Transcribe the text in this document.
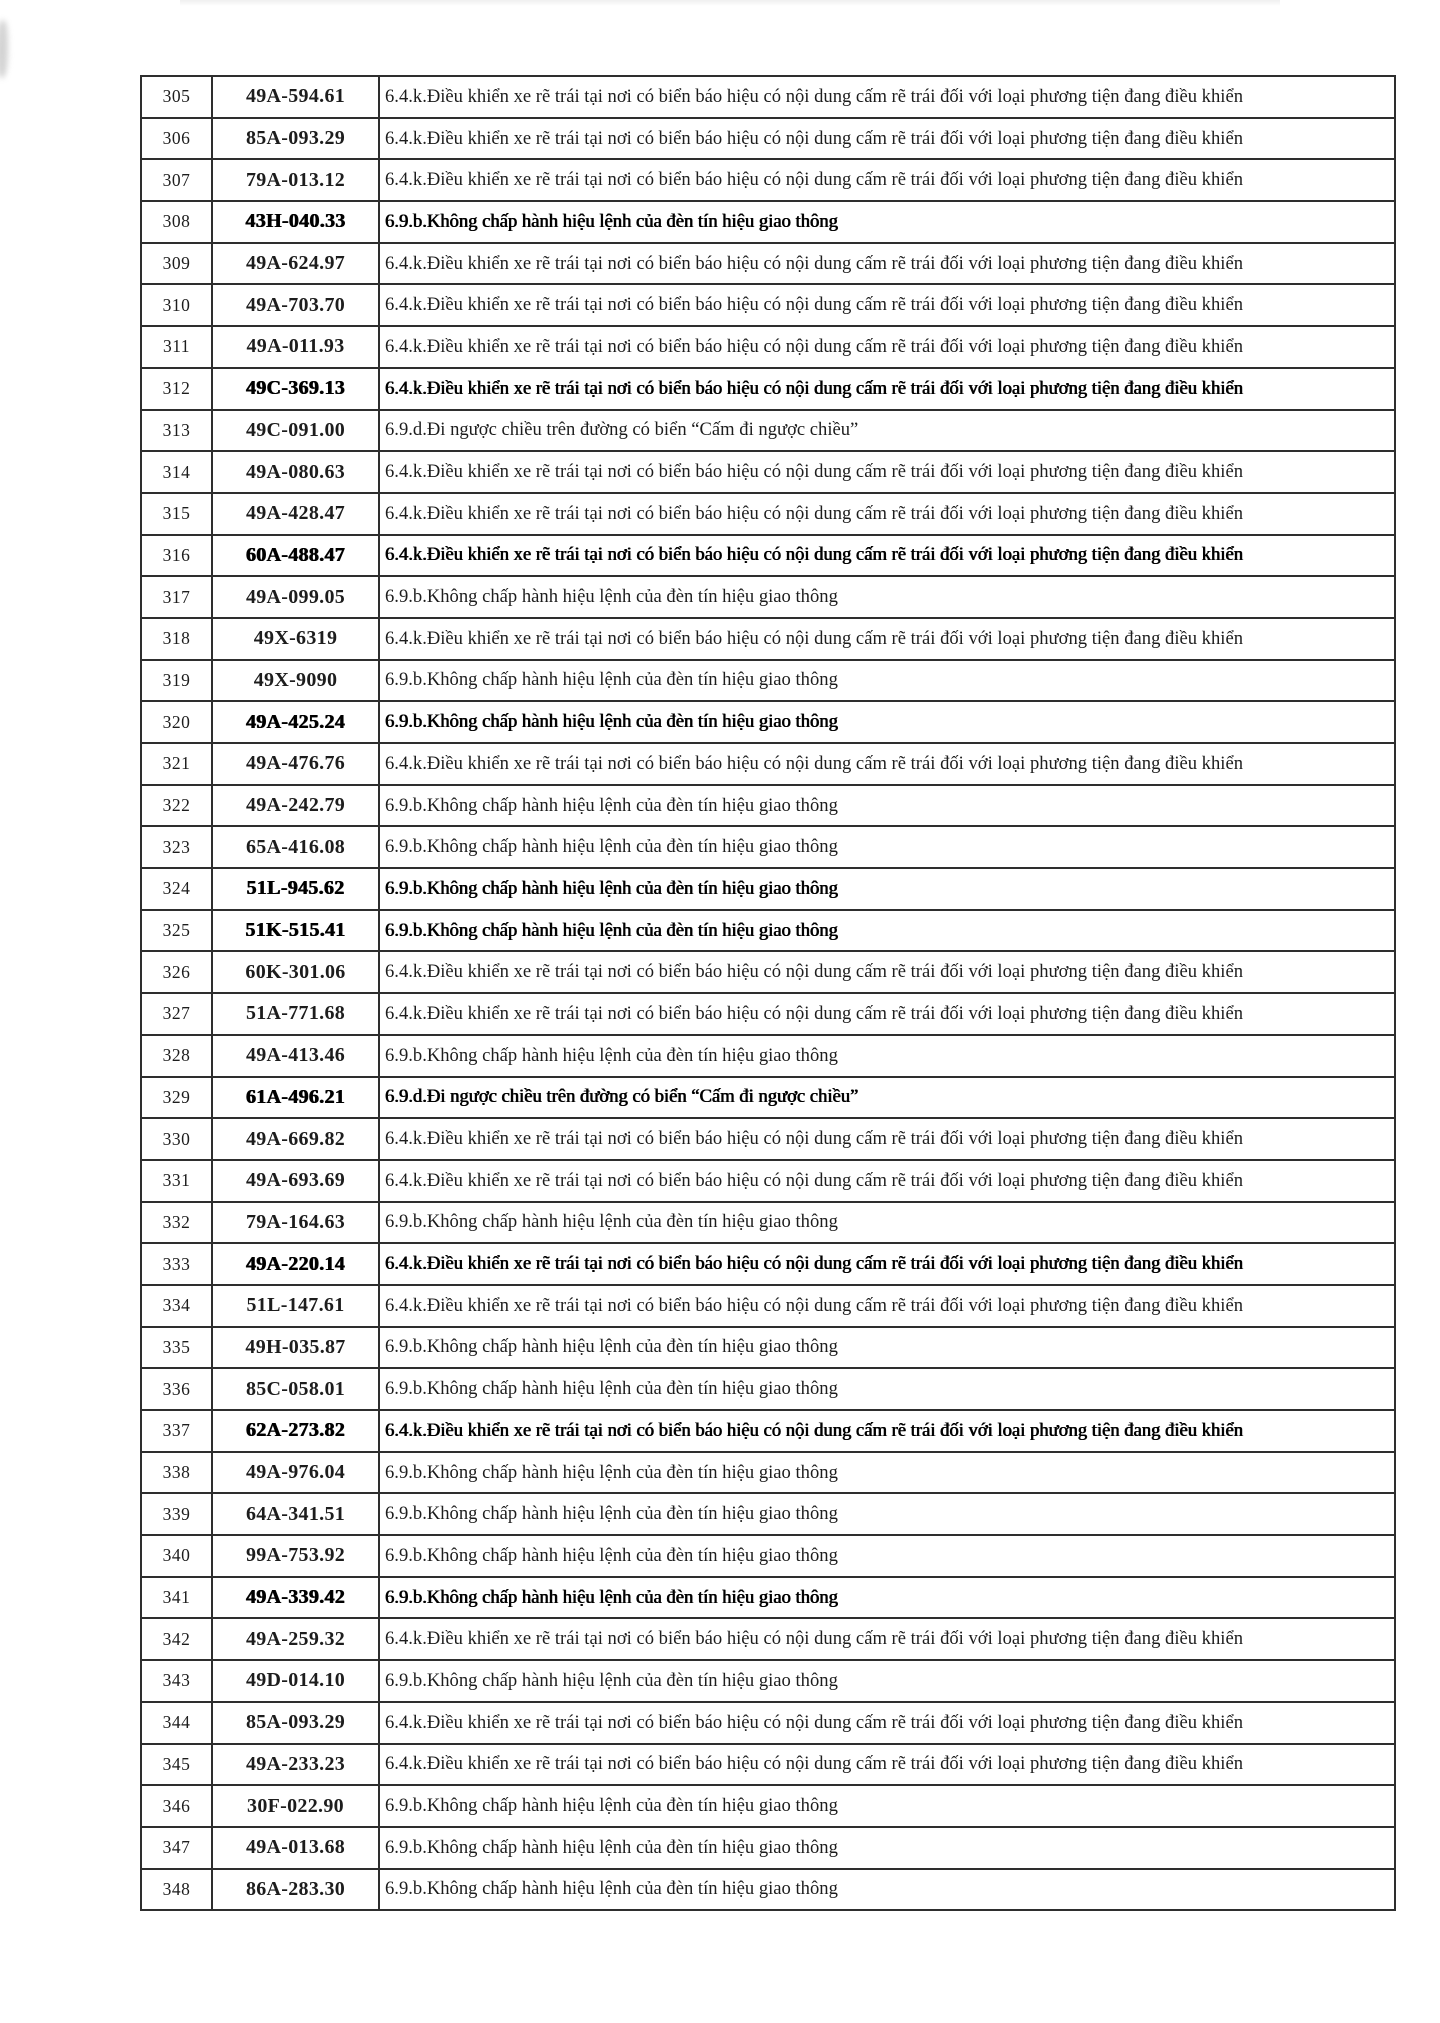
305	49A-594.61	6.4.k.Điều khiển xe rẽ trái tại nơi có biển báo hiệu có nội dung cấm rẽ trái đối với loại phương tiện đang điều khiển
306	85A-093.29	6.4.k.Điều khiển xe rẽ trái tại nơi có biển báo hiệu có nội dung cấm rẽ trái đối với loại phương tiện đang điều khiển
307	79A-013.12	6.4.k.Điều khiển xe rẽ trái tại nơi có biển báo hiệu có nội dung cấm rẽ trái đối với loại phương tiện đang điều khiển
308	43H-040.33	6.9.b.Không chấp hành hiệu lệnh của đèn tín hiệu giao thông
309	49A-624.97	6.4.k.Điều khiển xe rẽ trái tại nơi có biển báo hiệu có nội dung cấm rẽ trái đối với loại phương tiện đang điều khiển
310	49A-703.70	6.4.k.Điều khiển xe rẽ trái tại nơi có biển báo hiệu có nội dung cấm rẽ trái đối với loại phương tiện đang điều khiển
311	49A-011.93	6.4.k.Điều khiển xe rẽ trái tại nơi có biển báo hiệu có nội dung cấm rẽ trái đối với loại phương tiện đang điều khiển
312	49C-369.13	6.4.k.Điều khiển xe rẽ trái tại nơi có biển báo hiệu có nội dung cấm rẽ trái đối với loại phương tiện đang điều khiển
313	49C-091.00	6.9.d.Đi ngược chiều trên đường có biển “Cấm đi ngược chiều”
314	49A-080.63	6.4.k.Điều khiển xe rẽ trái tại nơi có biển báo hiệu có nội dung cấm rẽ trái đối với loại phương tiện đang điều khiển
315	49A-428.47	6.4.k.Điều khiển xe rẽ trái tại nơi có biển báo hiệu có nội dung cấm rẽ trái đối với loại phương tiện đang điều khiển
316	60A-488.47	6.4.k.Điều khiển xe rẽ trái tại nơi có biển báo hiệu có nội dung cấm rẽ trái đối với loại phương tiện đang điều khiển
317	49A-099.05	6.9.b.Không chấp hành hiệu lệnh của đèn tín hiệu giao thông
318	49X-6319	6.4.k.Điều khiển xe rẽ trái tại nơi có biển báo hiệu có nội dung cấm rẽ trái đối với loại phương tiện đang điều khiển
319	49X-9090	6.9.b.Không chấp hành hiệu lệnh của đèn tín hiệu giao thông
320	49A-425.24	6.9.b.Không chấp hành hiệu lệnh của đèn tín hiệu giao thông
321	49A-476.76	6.4.k.Điều khiển xe rẽ trái tại nơi có biển báo hiệu có nội dung cấm rẽ trái đối với loại phương tiện đang điều khiển
322	49A-242.79	6.9.b.Không chấp hành hiệu lệnh của đèn tín hiệu giao thông
323	65A-416.08	6.9.b.Không chấp hành hiệu lệnh của đèn tín hiệu giao thông
324	51L-945.62	6.9.b.Không chấp hành hiệu lệnh của đèn tín hiệu giao thông
325	51K-515.41	6.9.b.Không chấp hành hiệu lệnh của đèn tín hiệu giao thông
326	60K-301.06	6.4.k.Điều khiển xe rẽ trái tại nơi có biển báo hiệu có nội dung cấm rẽ trái đối với loại phương tiện đang điều khiển
327	51A-771.68	6.4.k.Điều khiển xe rẽ trái tại nơi có biển báo hiệu có nội dung cấm rẽ trái đối với loại phương tiện đang điều khiển
328	49A-413.46	6.9.b.Không chấp hành hiệu lệnh của đèn tín hiệu giao thông
329	61A-496.21	6.9.d.Đi ngược chiều trên đường có biển “Cấm đi ngược chiều”
330	49A-669.82	6.4.k.Điều khiển xe rẽ trái tại nơi có biển báo hiệu có nội dung cấm rẽ trái đối với loại phương tiện đang điều khiển
331	49A-693.69	6.4.k.Điều khiển xe rẽ trái tại nơi có biển báo hiệu có nội dung cấm rẽ trái đối với loại phương tiện đang điều khiển
332	79A-164.63	6.9.b.Không chấp hành hiệu lệnh của đèn tín hiệu giao thông
333	49A-220.14	6.4.k.Điều khiển xe rẽ trái tại nơi có biển báo hiệu có nội dung cấm rẽ trái đối với loại phương tiện đang điều khiển
334	51L-147.61	6.4.k.Điều khiển xe rẽ trái tại nơi có biển báo hiệu có nội dung cấm rẽ trái đối với loại phương tiện đang điều khiển
335	49H-035.87	6.9.b.Không chấp hành hiệu lệnh của đèn tín hiệu giao thông
336	85C-058.01	6.9.b.Không chấp hành hiệu lệnh của đèn tín hiệu giao thông
337	62A-273.82	6.4.k.Điều khiển xe rẽ trái tại nơi có biển báo hiệu có nội dung cấm rẽ trái đối với loại phương tiện đang điều khiển
338	49A-976.04	6.9.b.Không chấp hành hiệu lệnh của đèn tín hiệu giao thông
339	64A-341.51	6.9.b.Không chấp hành hiệu lệnh của đèn tín hiệu giao thông
340	99A-753.92	6.9.b.Không chấp hành hiệu lệnh của đèn tín hiệu giao thông
341	49A-339.42	6.9.b.Không chấp hành hiệu lệnh của đèn tín hiệu giao thông
342	49A-259.32	6.4.k.Điều khiển xe rẽ trái tại nơi có biển báo hiệu có nội dung cấm rẽ trái đối với loại phương tiện đang điều khiển
343	49D-014.10	6.9.b.Không chấp hành hiệu lệnh của đèn tín hiệu giao thông
344	85A-093.29	6.4.k.Điều khiển xe rẽ trái tại nơi có biển báo hiệu có nội dung cấm rẽ trái đối với loại phương tiện đang điều khiển
345	49A-233.23	6.4.k.Điều khiển xe rẽ trái tại nơi có biển báo hiệu có nội dung cấm rẽ trái đối với loại phương tiện đang điều khiển
346	30F-022.90	6.9.b.Không chấp hành hiệu lệnh của đèn tín hiệu giao thông
347	49A-013.68	6.9.b.Không chấp hành hiệu lệnh của đèn tín hiệu giao thông
348	86A-283.30	6.9.b.Không chấp hành hiệu lệnh của đèn tín hiệu giao thông
